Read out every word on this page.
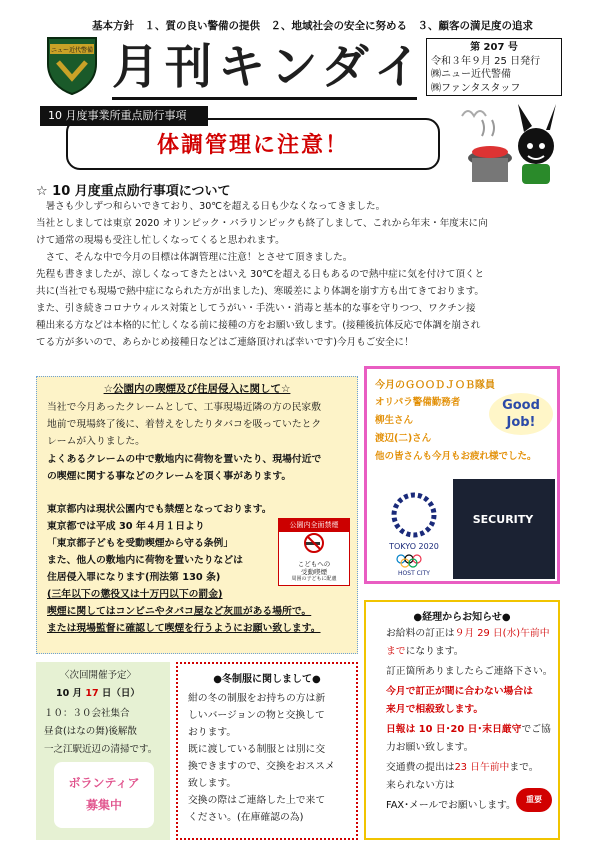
基本方針　１、質の良い警備の提供　２、地域社会の安全に努める　３、顧客の満足度の追求
ニュー近代警備 月刊キンダイ	第 207 号
令和３年９月 25 日発行
㈱ニュー近代警備
㈱ファンタスタッフ
体調管理に注意！
10 月度事業所重点励行事項
☆ 10 月度重点励行事項について
　暑さも少しずつ和らいできており、30℃を超える日も少なくなってきました。
当社としましては東京 2020 オリンピック・パラリンピックも終了しまして、これから年末・年度末に向
けて通常の現場も受注し忙しくなってくると思われます。
　さて、そんな中で今月の目標は体調管理に注意！とさせて頂きました。
先程も書きましたが、涼しくなってきたとはいえ 30℃を超える日もあるので熱中症に気を付けて頂くと
共に(当社でも現場で熱中症になられた方が出ました)、寒暖差により体調を崩す方も出てきております。
また、引き続きコロナウィルス対策としてうがい・手洗い・消毒と基本的な事を守りつつ、ワクチン接
種出来る方などは本格的に忙しくなる前に接種の方をお願い致します。(接種後抗体反応で体調を崩され
てる方が多いので、あらかじめ接種日などはご連絡頂ければ幸いです)今月もご安全に！
☆公園内の喫煙及び住居侵入に関して☆
当社で今月あったクレームとして、工事現場近隣の方の民家敷
地前で現場終了後に、着替えをしたりタバコを吸っていたとク
レームが入りました。
よくあるクレームの中で敷地内に荷物を置いたり、現場付近で
の喫煙に関する事などのクレームを頂く事があります。
東京都内は現状公園内でも禁煙となっております。
東京都では平成 30 年４月１日より
「東京都子どもを受動喫煙から守る条例」
また、他人の敷地内に荷物を置いたりなどは
住居侵入罪になります(刑法第 130 条)
(三年以下の懲役又は十万円以下の罰金)
喫煙に関してはコンビニやタバコ屋など灰皿がある場所で。
または現場監督に確認して喫煙を行うようにお願い致します。
公園内全面禁煙
こどもへの
受動喫煙
周囲の子どもに配慮
今月のＧＯＯＤＪＯＢ隊員
オリパラ警備勤務者
柳生さん
渡辺(二)さん
他の皆さんも今月もお疲れ様でした。
Good
Job!
TOKYO 2020
HOST CITY
SECURITY
●経理からお知らせ●
お給料の訂正は９月 29 日(水)午前中
までになります。
訂正箇所ありましたらご連絡下さい。
今月で訂正が間に合わない場合は
来月で相殺致します。
日報は 10 日･20 日･末日厳守でご協
力お願い致します。
交通費の提出は23 日午前中まで。
来られない方は
FAX･メールでお願いします。
重要
〈次回開催予定〉
10 月 17 日（日）
１０：３０会社集合
昼食(はなの舞)後解散
一之江駅近辺の清掃です。
ボランティア
募集中
●冬制服に関しまして●
紺の冬の制服をお持ちの方は新
しいバージョンの物と交換して
おります。
既に渡している制服とは別に交
換できますので、交換をおススメ
致します。
交換の際はご連絡した上で来て
ください。(在庫確認の為)
